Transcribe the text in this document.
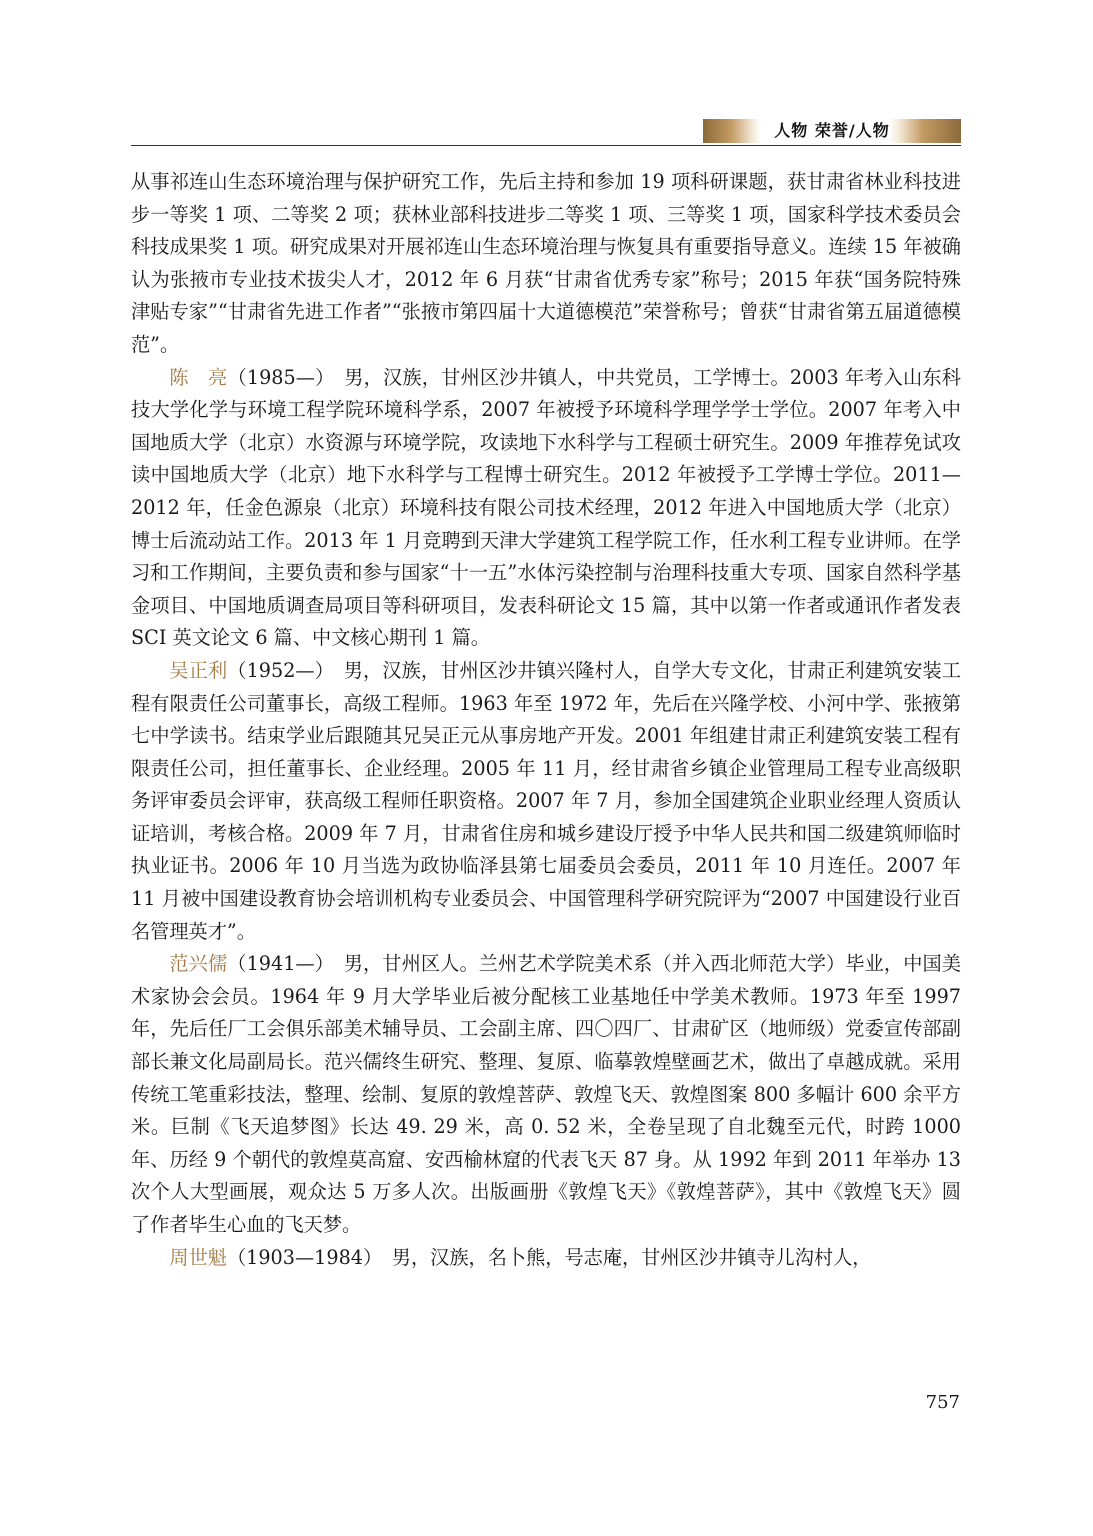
人物 荣誉/人物

从事祁连山生态环境治理与保护研究工作，先后主持和参加 19 项科研课题，获甘肃省林业科技进步一等奖 1 项、二等奖 2 项；获林业部科技进步二等奖 1 项、三等奖 1 项，国家科学技术委员会科技成果奖 1 项。研究成果对开展祁连山生态环境治理与恢复具有重要指导意义。连续 15 年被确认为张掖市专业技术拔尖人才，2012 年 6 月获“甘肃省优秀专家”称号；2015 年获“国务院特殊津贴专家”“甘肃省先进工作者”“张掖市第四届十大道德模范”荣誉称号；曾获“甘肃省第五届道德模范”。

陈　亮（1985—）　男，汉族，甘州区沙井镇人，中共党员，工学博士。2003 年考入山东科技大学化学与环境工程学院环境科学系，2007 年被授予环境科学理学学士学位。2007 年考入中国地质大学（北京）水资源与环境学院，攻读地下水科学与工程硕士研究生。2009 年推荐免试攻读中国地质大学（北京）地下水科学与工程博士研究生。2012 年被授予工学博士学位。2011—2012 年，任金色源泉（北京）环境科技有限公司技术经理，2012 年进入中国地质大学（北京）博士后流动站工作。2013 年 1 月竞聘到天津大学建筑工程学院工作，任水利工程专业讲师。在学习和工作期间，主要负责和参与国家“十一五”水体污染控制与治理科技重大专项、国家自然科学基金项目、中国地质调查局项目等科研项目，发表科研论文 15 篇，其中以第一作者或通讯作者发表 SCI 英文论文 6 篇、中文核心期刊 1 篇。

吴正利（1952—）　男，汉族，甘州区沙井镇兴隆村人，自学大专文化，甘肃正利建筑安装工程有限责任公司董事长，高级工程师。1963 年至 1972 年，先后在兴隆学校、小河中学、张掖第七中学读书。结束学业后跟随其兄吴正元从事房地产开发。2001 年组建甘肃正利建筑安装工程有限责任公司，担任董事长、企业经理。2005 年 11 月，经甘肃省乡镇企业管理局工程专业高级职务评审委员会评审，获高级工程师任职资格。2007 年 7 月，参加全国建筑企业职业经理人资质认证培训，考核合格。2009 年 7 月，甘肃省住房和城乡建设厅授予中华人民共和国二级建筑师临时执业证书。2006 年 10 月当选为政协临泽县第七届委员会委员，2011 年 10 月连任。2007 年 11 月被中国建设教育协会培训机构专业委员会、中国管理科学研究院评为“2007 中国建设行业百名管理英才”。

范兴儒（1941—）　男，甘州区人。兰州艺术学院美术系（并入西北师范大学）毕业，中国美术家协会会员。1964 年 9 月大学毕业后被分配核工业基地任中学美术教师。1973 年至 1997 年，先后任厂工会俱乐部美术辅导员、工会副主席、四〇四厂、甘肃矿区（地师级）党委宣传部副部长兼文化局副局长。范兴儒终生研究、整理、复原、临摹敦煌壁画艺术，做出了卓越成就。采用传统工笔重彩技法，整理、绘制、复原的敦煌菩萨、敦煌飞天、敦煌图案 800 多幅计 600 余平方米。巨制《飞天追梦图》长达 49. 29 米，高 0. 52 米，全卷呈现了自北魏至元代，时跨 1000 年、历经 9 个朝代的敦煌莫高窟、安西榆林窟的代表飞天 87 身。从 1992 年到 2011 年举办 13 次个人大型画展，观众达 5 万多人次。出版画册《敦煌飞天》《敦煌菩萨》，其中《敦煌飞天》圆了作者毕生心血的飞天梦。

周世魁（1903—1984）　男，汉族，名卜熊，号志庵，甘州区沙井镇寺儿沟村人，

757
